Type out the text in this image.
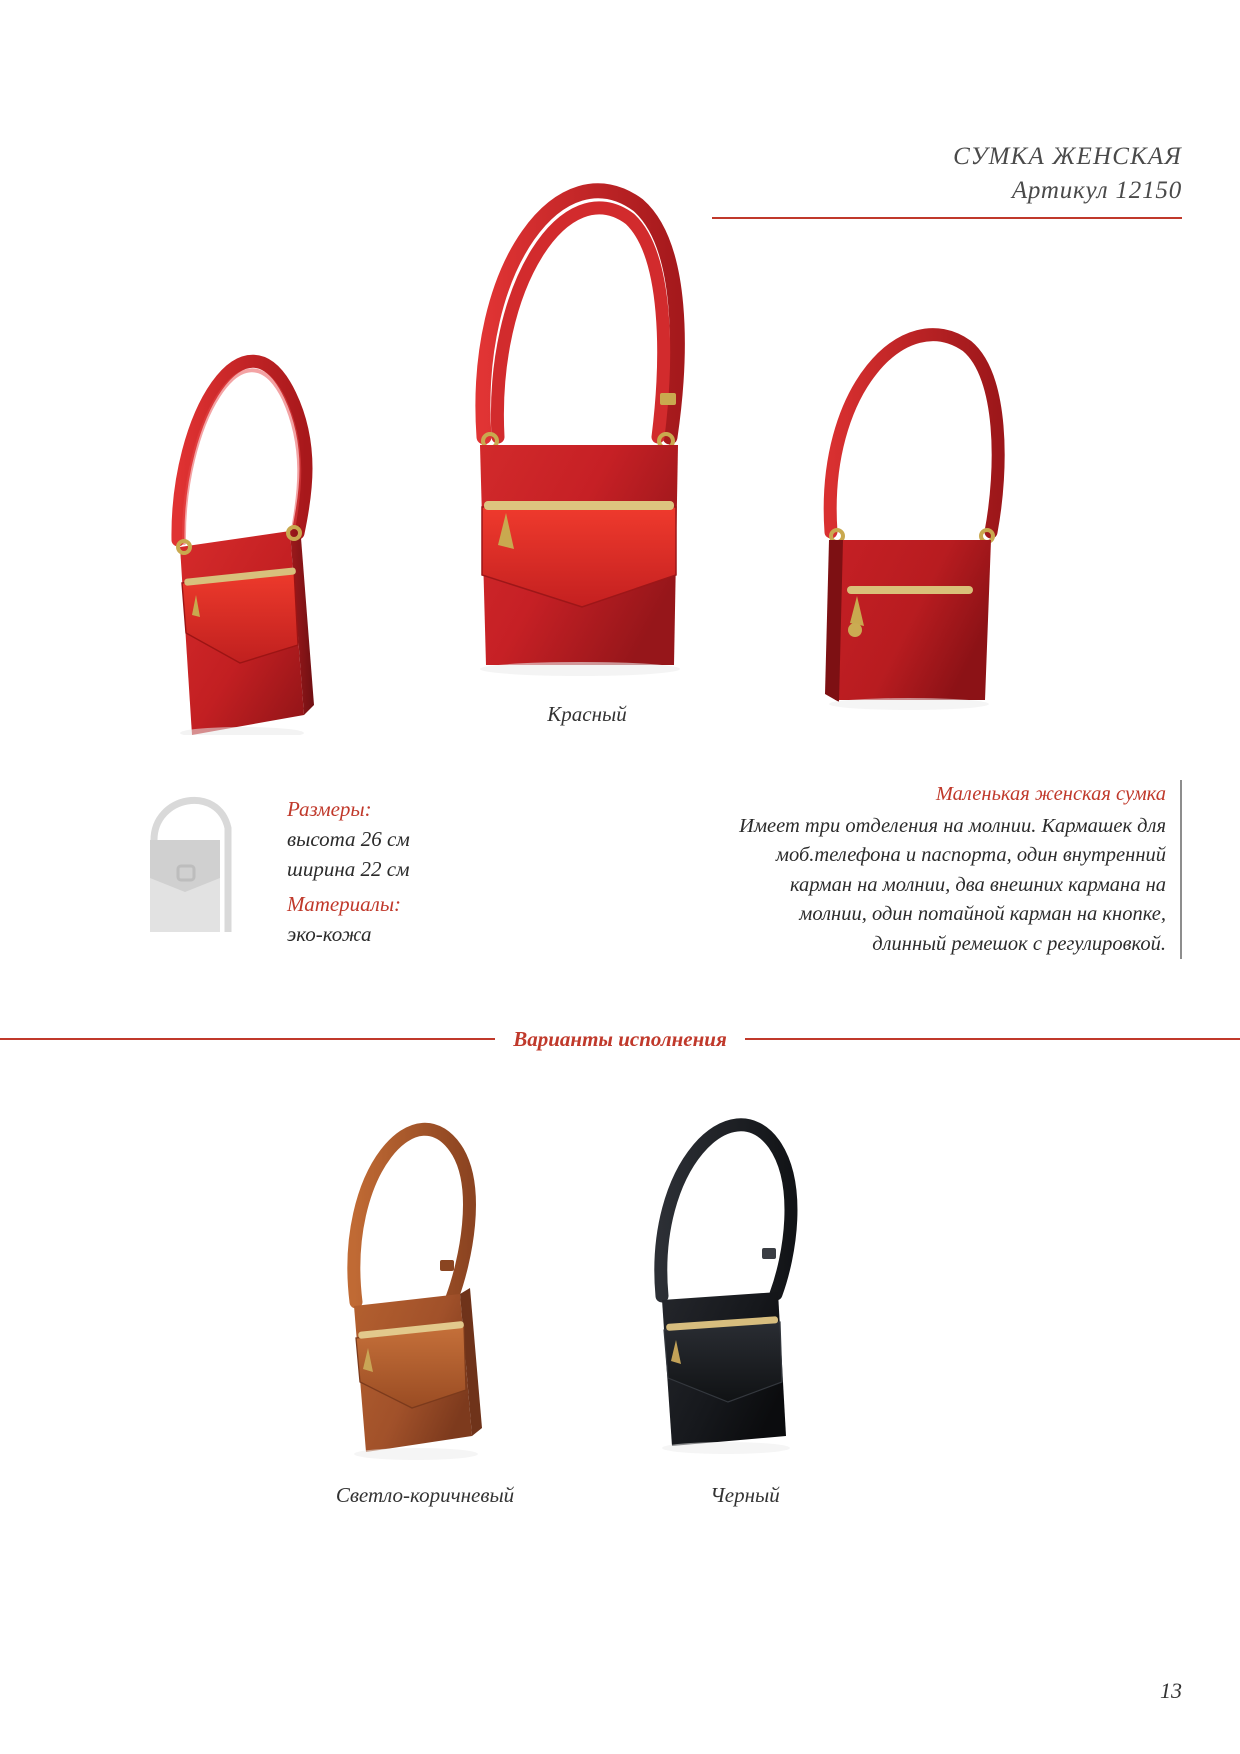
СУМКА ЖЕНСКАЯ
Артикул 12150
Красный
Размеры:
высота 26 см
ширина 22 см
Материалы:
эко-кожа
Маленькая женская сумка
Имеет три отделения на молнии. Кармашек для моб.телефона и паспорта, один внутренний карман на молнии, два внешних кармана на молнии, один потайной карман на кнопке, длинный ремешок с регулировкой.
Варианты исполнения
Светло-коричневый	Черный
13
